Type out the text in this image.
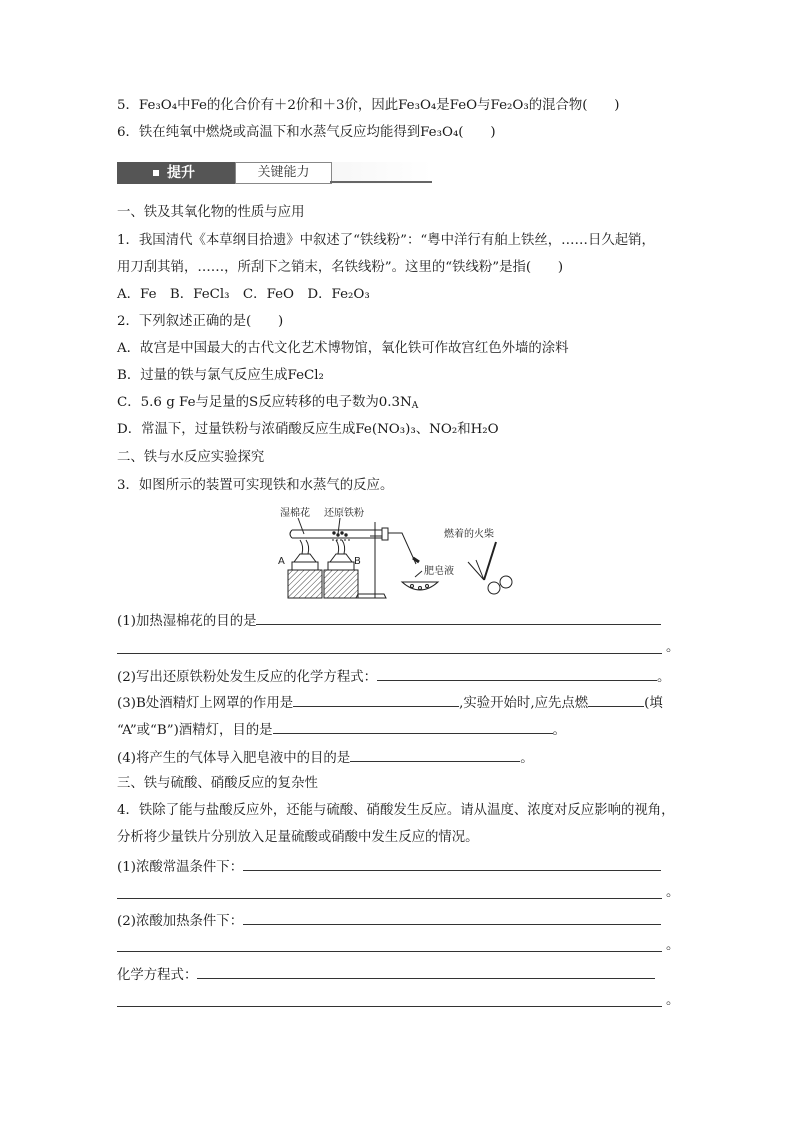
5．Fe₃O₄中Fe的化合价有＋2价和＋3价，因此Fe₃O₄是FeO与Fe₂O₃的混合物(　　)
6．铁在纯氧中燃烧或高温下和水蒸气反应均能得到Fe₃O₄(　　)
提升	关键能力
一、铁及其氧化物的性质与应用
1．我国清代《本草纲目拾遗》中叙述了“铁线粉”：“粤中洋行有舶上铁丝，……日久起销，
用刀刮其销，……，所刮下之销末，名铁线粉”。这里的“铁线粉”是指(　　)
A．Fe　B．FeCl₃　C．FeO　D．Fe₂O₃
2．下列叙述正确的是(　　)
A．故宫是中国最大的古代文化艺术博物馆，氧化铁可作故宫红色外墙的涂料
B．过量的铁与氯气反应生成FeCl₂
C．5.6 g Fe与足量的S反应转移的电子数为$0.3N_A$
D．常温下，过量铁粉与浓硝酸反应生成Fe(NO₃)₃、NO₂和H₂O
二、铁与水反应实验探究
3．如图所示的装置可实现铁和水蒸气的反应。
湿棉花 还原铁粉
燃着的火柴
A	B
肥皂液
(1)加热湿棉花的目的是
。
(2)写出还原铁粉处发生反应的化学方程式：	。
(3)B处酒精灯上网罩的作用是	,实验开始时,应先点燃	(填
“A”或“B”)酒精灯，目的是	。
(4)将产生的气体导入肥皂液中的目的是	。
三、铁与硫酸、硝酸反应的复杂性
4．铁除了能与盐酸反应外，还能与硫酸、硝酸发生反应。请从温度、浓度对反应影响的视角，
分析将少量铁片分别放入足量硫酸或硝酸中发生反应的情况。
(1)浓酸常温条件下：
。
(2)浓酸加热条件下：
。
化学方程式：
。
